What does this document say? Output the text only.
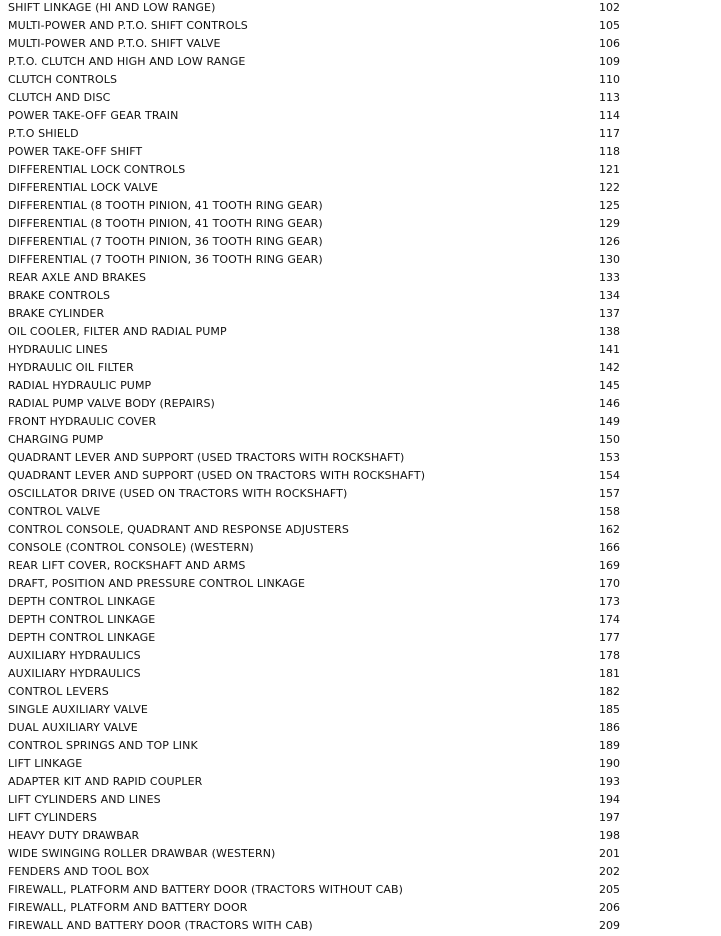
SHIFT LINKAGE (HI AND LOW RANGE)	102
MULTI-POWER AND P.T.O. SHIFT CONTROLS	105
MULTI-POWER AND P.T.O. SHIFT VALVE	106
P.T.O. CLUTCH AND HIGH AND LOW RANGE	109
CLUTCH CONTROLS	110
CLUTCH AND DISC	113
POWER TAKE-OFF GEAR TRAIN	114
P.T.O SHIELD	117
POWER TAKE-OFF SHIFT	118
DIFFERENTIAL LOCK CONTROLS	121
DIFFERENTIAL LOCK VALVE	122
DIFFERENTIAL (8 TOOTH PINION, 41 TOOTH RING GEAR)	125
DIFFERENTIAL (8 TOOTH PINION, 41 TOOTH RING GEAR)	129
DIFFERENTIAL (7 TOOTH PINION, 36 TOOTH RING GEAR)	126
DIFFERENTIAL (7 TOOTH PINION, 36 TOOTH RING GEAR)	130
REAR AXLE AND BRAKES	133
BRAKE CONTROLS	134
BRAKE CYLINDER	137
OIL COOLER, FILTER AND RADIAL PUMP	138
HYDRAULIC LINES	141
HYDRAULIC OIL FILTER	142
RADIAL HYDRAULIC PUMP	145
RADIAL PUMP VALVE BODY (REPAIRS)	146
FRONT HYDRAULIC COVER	149
CHARGING PUMP	150
QUADRANT LEVER AND SUPPORT (USED TRACTORS WITH ROCKSHAFT)	153
QUADRANT LEVER AND SUPPORT (USED ON TRACTORS WITH ROCKSHAFT)	154
OSCILLATOR DRIVE (USED ON TRACTORS WITH ROCKSHAFT)	157
CONTROL VALVE	158
CONTROL CONSOLE, QUADRANT AND RESPONSE ADJUSTERS	162
CONSOLE (CONTROL CONSOLE) (WESTERN)	166
REAR LIFT COVER, ROCKSHAFT AND ARMS	169
DRAFT, POSITION AND PRESSURE CONTROL LINKAGE	170
DEPTH CONTROL LINKAGE	173
DEPTH CONTROL LINKAGE	174
DEPTH CONTROL LINKAGE	177
AUXILIARY HYDRAULICS	178
AUXILIARY HYDRAULICS	181
CONTROL LEVERS	182
SINGLE AUXILIARY VALVE	185
DUAL AUXILIARY VALVE	186
CONTROL SPRINGS AND TOP LINK	189
LIFT LINKAGE	190
ADAPTER KIT AND RAPID COUPLER	193
LIFT CYLINDERS AND LINES	194
LIFT CYLINDERS	197
HEAVY DUTY DRAWBAR	198
WIDE SWINGING ROLLER DRAWBAR (WESTERN)	201
FENDERS AND TOOL BOX	202
FIREWALL, PLATFORM AND BATTERY DOOR (TRACTORS WITHOUT CAB)	205
FIREWALL, PLATFORM AND BATTERY DOOR	206
FIREWALL AND BATTERY DOOR (TRACTORS WITH CAB)	209
